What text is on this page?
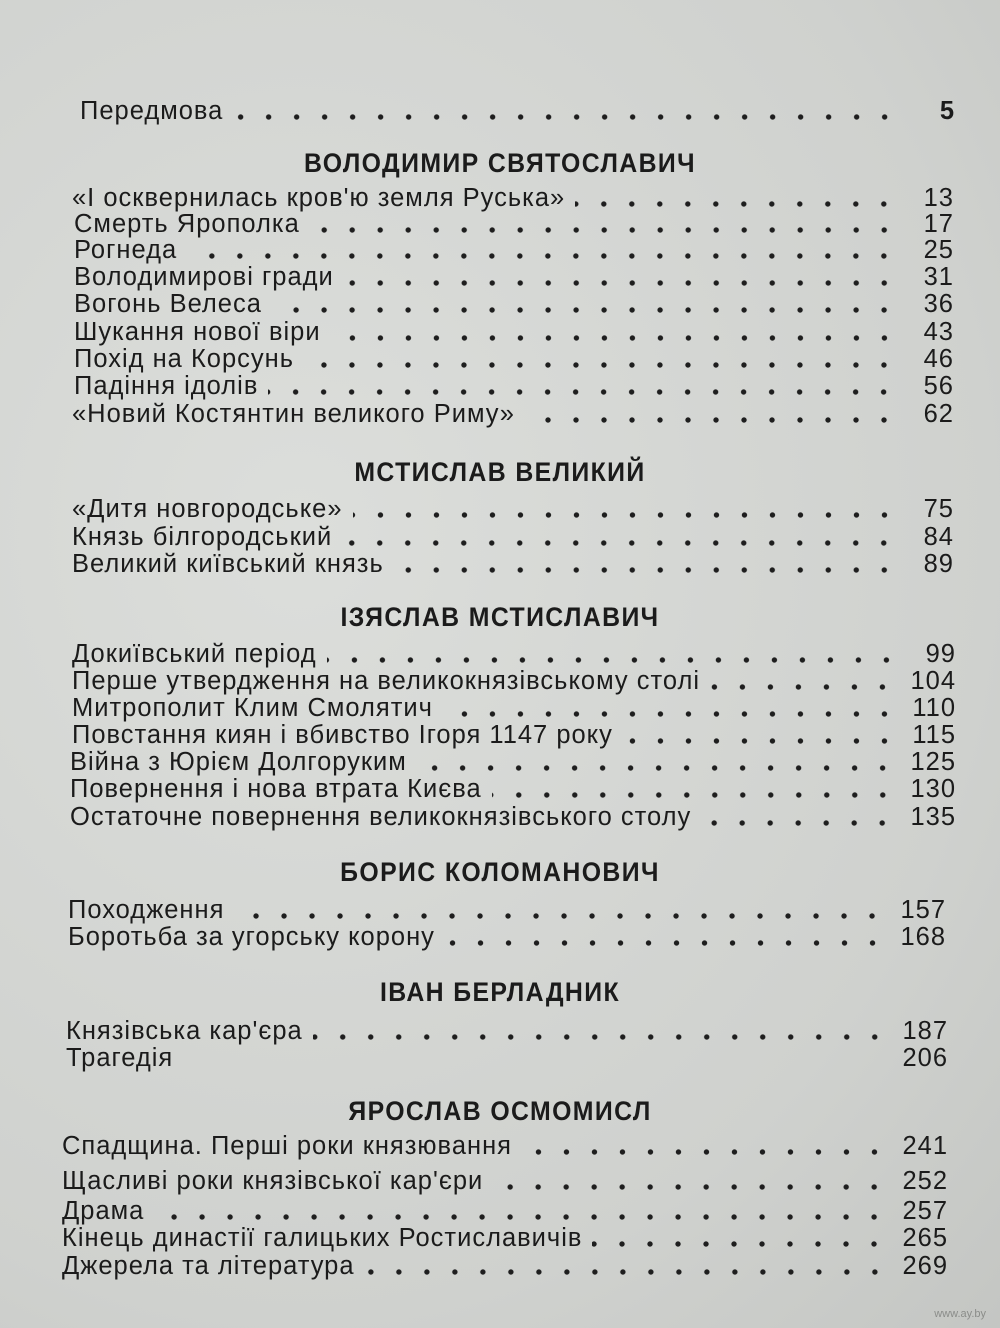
Передмова	5
ВОЛОДИМИР СВЯТОСЛАВИЧ
«І осквернилась кров'ю земля Руська»	13
Смерть Ярополка	17
Рогнеда	25
Володимирові гради	31
Вогонь Велеса	36
Шукання нової віри	43
Похід на Корсунь	46
Падіння ідолів	56
«Новий Костянтин великого Риму»	62
МСТИСЛАВ ВЕЛИКИЙ
«Дитя новгородське»	75
Князь білгородський	84
Великий київський князь	89
ІЗЯСЛАВ МСТИСЛАВИЧ
Докиївський період	99
Перше утвердження на великокнязівському столі	104
Митрополит Клим Смолятич	110
Повстання киян і вбивство Ігоря 1147 року	115
Війна з Юрієм Долгоруким	125
Повернення і нова втрата Києва	130
Остаточне повернення великокнязівського столу	135
БОРИС КОЛОМАНОВИЧ
Походження	157
Боротьба за угорську корону	168
ІВАН БЕРЛАДНИК
Князівська кар'єра	187
Трагедія	206
ЯРОСЛАВ ОСМОМИСЛ
Спадщина. Перші роки князювання	241
Щасливі роки князівської кар'єри	252
Драма	257
Кінець династії галицьких Ростиславичів	265
Джерела та література	269
www.ay.by
